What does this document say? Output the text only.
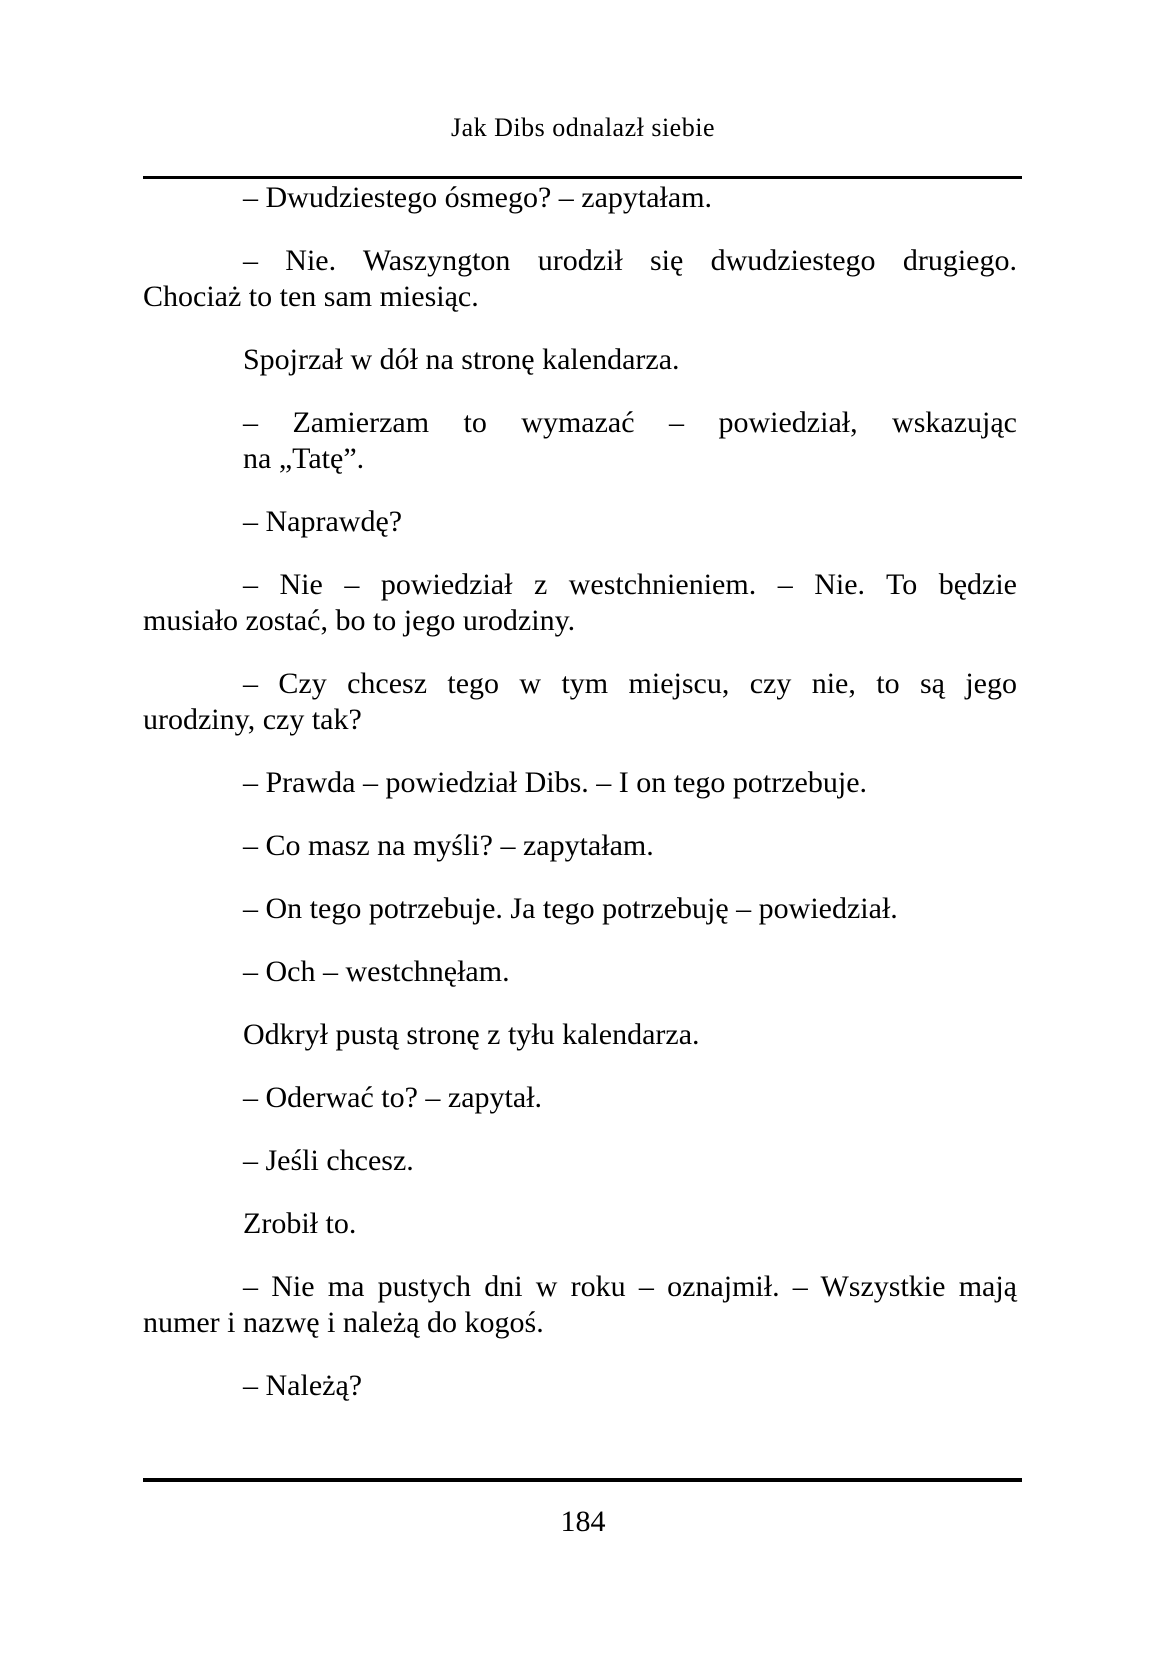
Jak Dibs odnalazł siebie
– Dwudziestego ósmego? – zapytałam.
– Nie. Waszyngton urodził się dwudziestego drugiego.
Chociaż to ten sam miesiąc.
Spojrzał w dół na stronę kalendarza.
– Zamierzam to wymazać – powiedział, wskazując
na „Tatę”.
– Naprawdę?
– Nie – powiedział z westchnieniem. – Nie. To będzie
musiało zostać, bo to jego urodziny.
– Czy chcesz tego w tym miejscu, czy nie, to są jego
urodziny, czy tak?
– Prawda – powiedział Dibs. – I on tego potrzebuje.
– Co masz na myśli? – zapytałam.
– On tego potrzebuje. Ja tego potrzebuję – powiedział.
– Och – westchnęłam.
Odkrył pustą stronę z tyłu kalendarza.
– Oderwać to? – zapytał.
– Jeśli chcesz.
Zrobił to.
– Nie ma pustych dni w roku – oznajmił. – Wszystkie mają
numer i nazwę i należą do kogoś.
– Należą?
184
